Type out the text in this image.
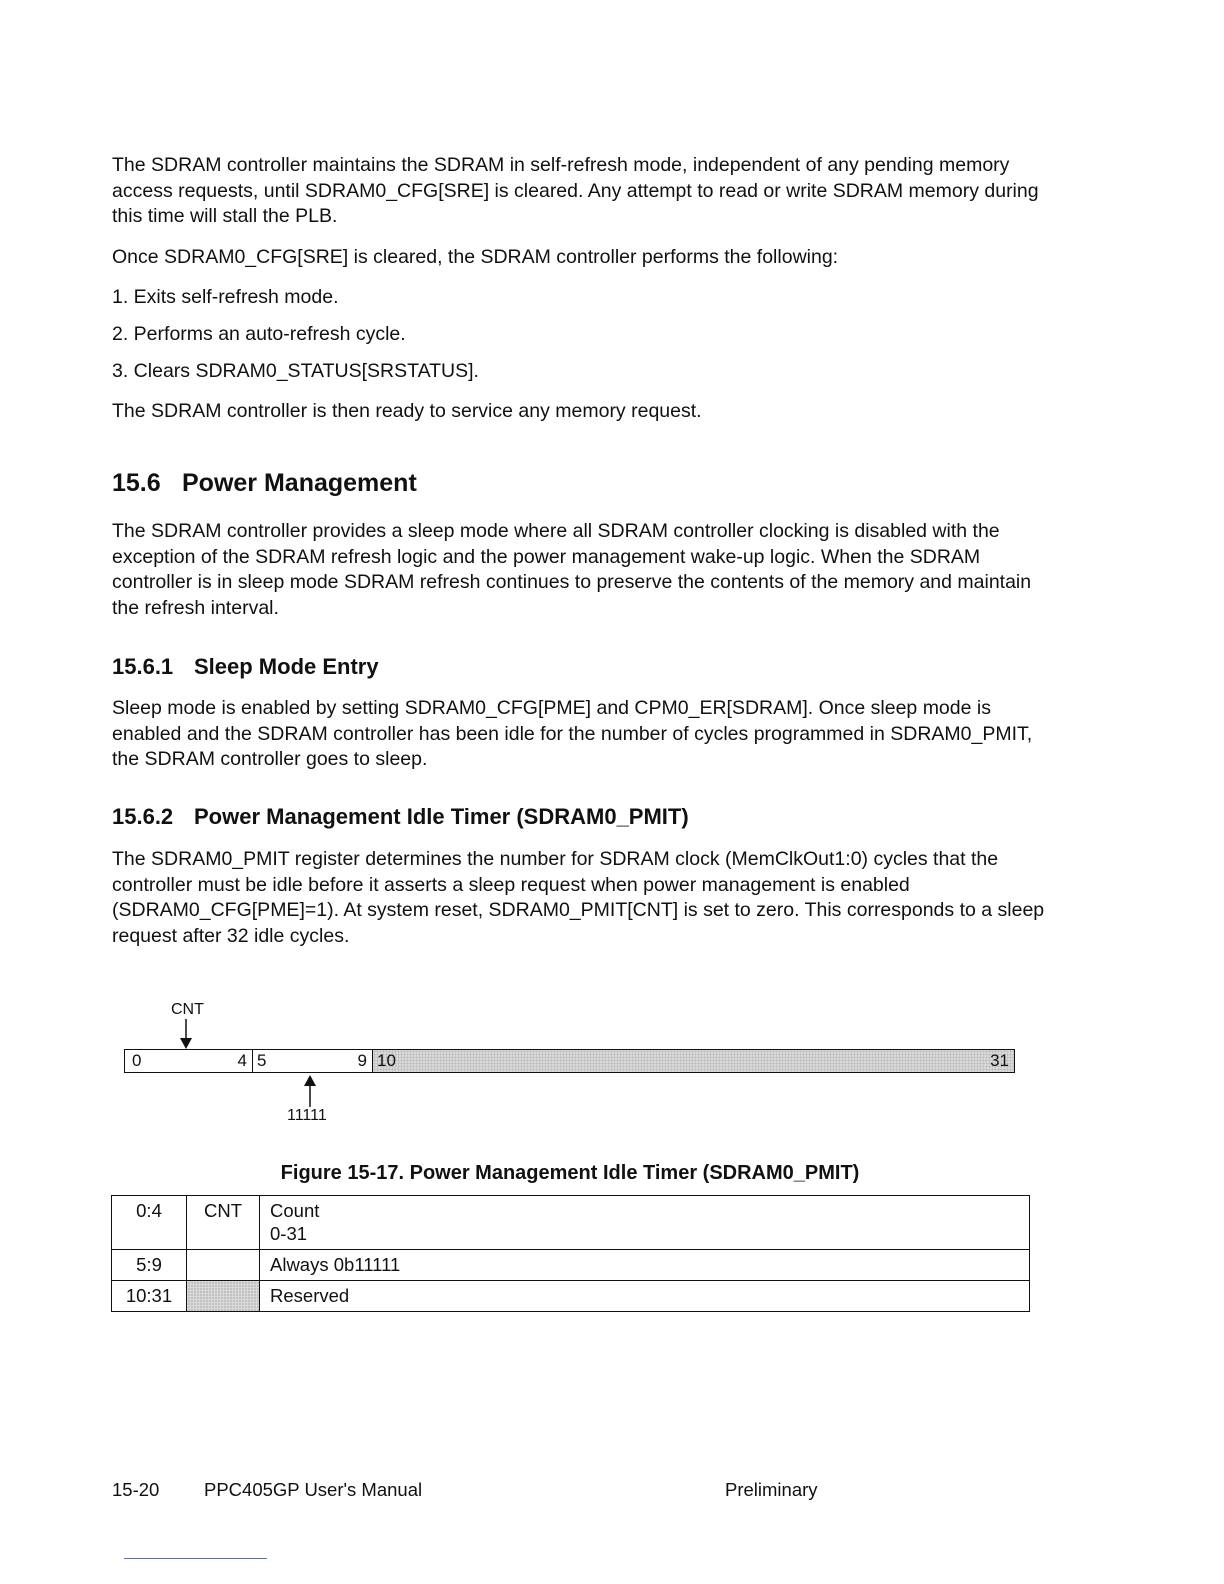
The SDRAM controller maintains the SDRAM in self-refresh mode, independent of any pending memory access requests, until SDRAM0_CFG[SRE] is cleared. Any attempt to read or write SDRAM memory during this time will stall the PLB.

Once SDRAM0_CFG[SRE] is cleared, the SDRAM controller performs the following:

1. Exits self-refresh mode.

2. Performs an auto-refresh cycle.

3. Clears SDRAM0_STATUS[SRSTATUS].

The SDRAM controller is then ready to service any memory request.

15.6 Power Management

The SDRAM controller provides a sleep mode where all SDRAM controller clocking is disabled with the exception of the SDRAM refresh logic and the power management wake-up logic. When the SDRAM controller is in sleep mode SDRAM refresh continues to preserve the contents of the memory and maintain the refresh interval.

15.6.1 Sleep Mode Entry

Sleep mode is enabled by setting SDRAM0_CFG[PME] and CPM0_ER[SDRAM]. Once sleep mode is enabled and the SDRAM controller has been idle for the number of cycles programmed in SDRAM0_PMIT, the SDRAM controller goes to sleep.

15.6.2 Power Management Idle Timer (SDRAM0_PMIT)

The SDRAM0_PMIT register determines the number for SDRAM clock (MemClkOut1:0) cycles that the controller must be idle before it asserts a sleep request when power management is enabled (SDRAM0_CFG[PME]=1). At system reset, SDRAM0_PMIT[CNT] is set to zero. This corresponds to a sleep request after 32 idle cycles.

CNT
0	4 5	9 10	31
11111

Figure 15-17. Power Management Idle Timer (SDRAM0_PMIT)

0:4	CNT	Count
0-31

5:9		Always 0b11111

10:31		Reserved
15-20 PPC405GP User's Manual	Preliminary
